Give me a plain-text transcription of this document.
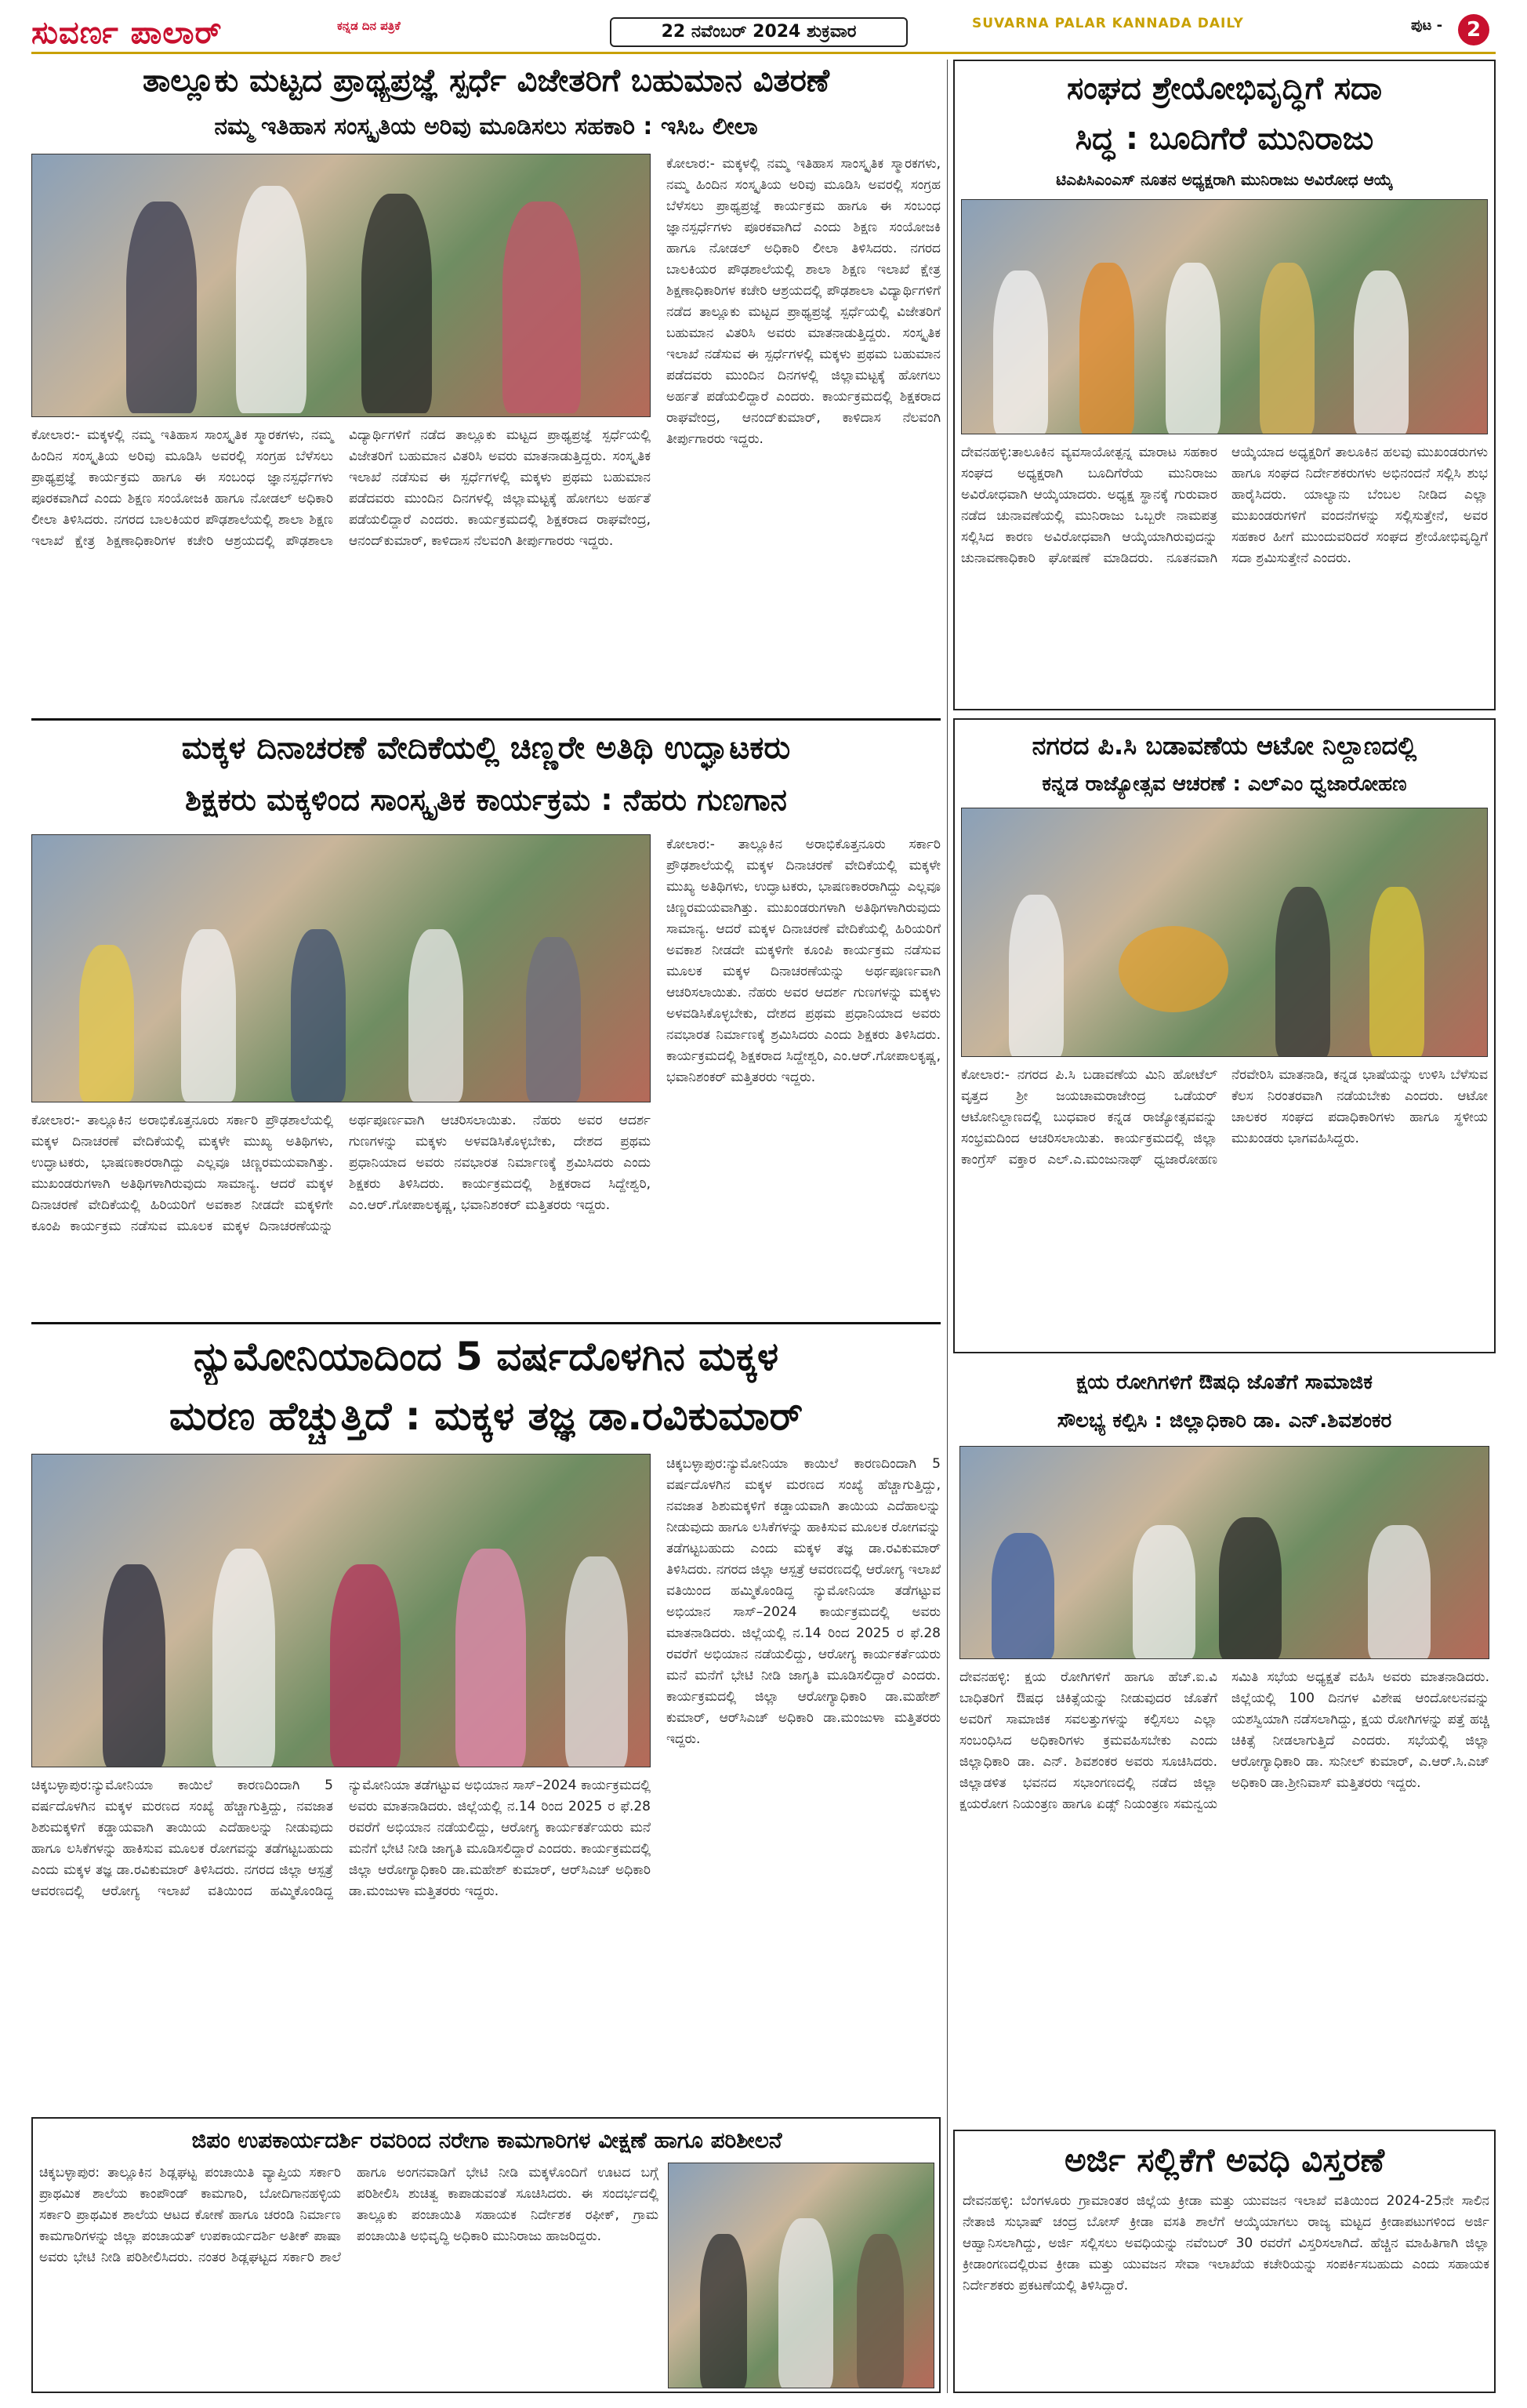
ಸುವರ್ಣ ಪಾಲಾರ್	ಕನ್ನಡ ದಿನ ಪತ್ರಿಕೆ	22 ನವೆಂಬರ್ 2024 ಶುಕ್ರವಾರ	SUVARNA PALAR KANNADA DAILY	ಪುಟ -	2
ತಾಲ್ಲೂಕು ಮಟ್ಟದ ಪ್ರಾಥ್ಯಪ್ರಜ್ಞೆ ಸ್ಪರ್ಧೆ ವಿಜೇತರಿಗೆ ಬಹುಮಾನ ವಿತರಣೆ
ನಮ್ಮ ಇತಿಹಾಸ ಸಂಸ್ಕೃತಿಯ ಅರಿವು ಮೂಡಿಸಲು ಸಹಕಾರಿ : ಇಸಿಒ ಲೀಲಾ
ಕೋಲಾರ:- ಮಕ್ಕಳಲ್ಲಿ ನಮ್ಮ ಇತಿಹಾಸ ಸಾಂಸ್ಕೃತಿಕ ಸ್ಮಾರಕಗಳು, ನಮ್ಮ ಹಿಂದಿನ ಸಂಸ್ಕೃತಿಯ ಅರಿವು ಮೂಡಿಸಿ ಅವರಲ್ಲಿ ಸಂಗ್ರಹ ಬೆಳೆಸಲು ಪ್ರಾಥ್ಯಪ್ರಜ್ಞೆ ಕಾರ್ಯಕ್ರಮ ಹಾಗೂ ಈ ಸಂಬಂಧ ಜ್ಞಾನಸ್ಪರ್ಧೆಗಳು ಪೂರಕವಾಗಿದೆ ಎಂದು ಶಿಕ್ಷಣ ಸಂಯೋಜಕಿ ಹಾಗೂ ನೋಡಲ್ ಅಧಿಕಾರಿ ಲೀಲಾ ತಿಳಿಸಿದರು. ನಗರದ ಬಾಲಕಿಯರ ಪೌಢಶಾಲೆಯಲ್ಲಿ ಶಾಲಾ ಶಿಕ್ಷಣ ಇಲಾಖೆ ಕ್ಷೇತ್ರ ಶಿಕ್ಷಣಾಧಿಕಾರಿಗಳ ಕಚೇರಿ ಆಶ್ರಯದಲ್ಲಿ ಪೌಢಶಾಲಾ ವಿದ್ಯಾರ್ಥಿಗಳಿಗೆ ನಡೆದ ತಾಲ್ಲೂಕು ಮಟ್ಟದ ಪ್ರಾಥ್ಯಪ್ರಜ್ಞೆ ಸ್ಪರ್ಧೆಯಲ್ಲಿ ವಿಜೇತರಿಗೆ ಬಹುಮಾನ ವಿತರಿಸಿ ಅವರು ಮಾತನಾಡುತ್ತಿದ್ದರು. ಸಂಸ್ಕೃತಿಕ ಇಲಾಖೆ ನಡೆಸುವ ಈ ಸ್ಪರ್ಧೆಗಳಲ್ಲಿ ಮಕ್ಕಳು ಪ್ರಥಮ ಬಹುಮಾನ ಪಡೆದವರು ಮುಂದಿನ ದಿನಗಳಲ್ಲಿ ಜಿಲ್ಲಾಮಟ್ಟಕ್ಕೆ ಹೋಗಲು ಅರ್ಹತೆ ಪಡೆಯಲಿದ್ದಾರೆ ಎಂದರು. ಕಾರ್ಯಕ್ರಮದಲ್ಲಿ ಶಿಕ್ಷಕರಾದ ರಾಘವೇಂದ್ರ, ಆನಂದ್‌ಕುಮಾರ್, ಕಾಳಿದಾಸ ನೆಲವಂಗಿ ತೀರ್ಪುಗಾರರು ಇದ್ದರು.
ಕೋಲಾರ:- ಮಕ್ಕಳಲ್ಲಿ ನಮ್ಮ ಇತಿಹಾಸ ಸಾಂಸ್ಕೃತಿಕ ಸ್ಮಾರಕಗಳು, ನಮ್ಮ ಹಿಂದಿನ ಸಂಸ್ಕೃತಿಯ ಅರಿವು ಮೂಡಿಸಿ ಅವರಲ್ಲಿ ಸಂಗ್ರಹ ಬೆಳೆಸಲು ಪ್ರಾಥ್ಯಪ್ರಜ್ಞೆ ಕಾರ್ಯಕ್ರಮ ಹಾಗೂ ಈ ಸಂಬಂಧ ಜ್ಞಾನಸ್ಪರ್ಧೆಗಳು ಪೂರಕವಾಗಿದೆ ಎಂದು ಶಿಕ್ಷಣ ಸಂಯೋಜಕಿ ಹಾಗೂ ನೋಡಲ್ ಅಧಿಕಾರಿ ಲೀಲಾ ತಿಳಿಸಿದರು. ನಗರದ ಬಾಲಕಿಯರ ಪೌಢಶಾಲೆಯಲ್ಲಿ ಶಾಲಾ ಶಿಕ್ಷಣ ಇಲಾಖೆ ಕ್ಷೇತ್ರ ಶಿಕ್ಷಣಾಧಿಕಾರಿಗಳ ಕಚೇರಿ ಆಶ್ರಯದಲ್ಲಿ ಪೌಢಶಾಲಾ ವಿದ್ಯಾರ್ಥಿಗಳಿಗೆ ನಡೆದ ತಾಲ್ಲೂಕು ಮಟ್ಟದ ಪ್ರಾಥ್ಯಪ್ರಜ್ಞೆ ಸ್ಪರ್ಧೆಯಲ್ಲಿ ವಿಜೇತರಿಗೆ ಬಹುಮಾನ ವಿತರಿಸಿ ಅವರು ಮಾತನಾಡುತ್ತಿದ್ದರು. ಸಂಸ್ಕೃತಿಕ ಇಲಾಖೆ ನಡೆಸುವ ಈ ಸ್ಪರ್ಧೆಗಳಲ್ಲಿ ಮಕ್ಕಳು ಪ್ರಥಮ ಬಹುಮಾನ ಪಡೆದವರು ಮುಂದಿನ ದಿನಗಳಲ್ಲಿ ಜಿಲ್ಲಾಮಟ್ಟಕ್ಕೆ ಹೋಗಲು ಅರ್ಹತೆ ಪಡೆಯಲಿದ್ದಾರೆ ಎಂದರು. ಕಾರ್ಯಕ್ರಮದಲ್ಲಿ ಶಿಕ್ಷಕರಾದ ರಾಘವೇಂದ್ರ, ಆನಂದ್‌ಕುಮಾರ್, ಕಾಳಿದಾಸ ನೆಲವಂಗಿ ತೀರ್ಪುಗಾರರು ಇದ್ದರು.
ಸಂಘದ ಶ್ರೇಯೋಭಿವೃದ್ಧಿಗೆ ಸದಾ
ಸಿದ್ಧ : ಬೂದಿಗೆರೆ ಮುನಿರಾಜು
ಟಿಎಪಿಸಿಎಂಎಸ್ ನೂತನ ಅಧ್ಯಕ್ಷರಾಗಿ ಮುನಿರಾಜು ಅವಿರೋಧ ಆಯ್ಕೆ
ದೇವನಹಳ್ಳಿ:ತಾಲೂಕಿನ ವ್ಯವಸಾಯೋತ್ಪನ್ನ ಮಾರಾಟ ಸಹಕಾರ ಸಂಘದ ಅಧ್ಯಕ್ಷರಾಗಿ ಬೂದಿಗೆರೆಯ ಮುನಿರಾಜು ಅವಿರೋಧವಾಗಿ ಆಯ್ಕೆಯಾದರು. ಅಧ್ಯಕ್ಷ ಸ್ಥಾನಕ್ಕೆ ಗುರುವಾರ ನಡೆದ ಚುನಾವಣೆಯಲ್ಲಿ ಮುನಿರಾಜು ಒಬ್ಬರೇ ನಾಮಪತ್ರ ಸಲ್ಲಿಸಿದ ಕಾರಣ ಅವಿರೋಧವಾಗಿ ಆಯ್ಕೆಯಾಗಿರುವುದನ್ನು ಚುನಾವಣಾಧಿಕಾರಿ ಘೋಷಣೆ ಮಾಡಿದರು. ನೂತನವಾಗಿ ಆಯ್ಕೆಯಾದ ಅಧ್ಯಕ್ಷರಿಗೆ ತಾಲೂಕಿನ ಹಲವು ಮುಖಂಡರುಗಳು ಹಾಗೂ ಸಂಘದ ನಿರ್ದೇಶಕರುಗಳು ಅಭಿನಂದನೆ ಸಲ್ಲಿಸಿ ಶುಭ ಹಾರೈಸಿದರು. ಯಾಲ್ಯಾನು ಬೆಂಬಲ ನೀಡಿದ ಎಲ್ಲಾ ಮುಖಂಡರುಗಳಿಗೆ ವಂದನೆಗಳನ್ನು ಸಲ್ಲಿಸುತ್ತೇನೆ, ಅವರ ಸಹಕಾರ ಹೀಗೆ ಮುಂದುವರಿದರೆ ಸಂಘದ ಶ್ರೇಯೋಭಿವೃದ್ಧಿಗೆ ಸದಾ ಶ್ರಮಿಸುತ್ತೇನೆ ಎಂದರು.
ಮಕ್ಕಳ ದಿನಾಚರಣೆ ವೇದಿಕೆಯಲ್ಲಿ ಚಿಣ್ಣರೇ ಅತಿಥಿ ಉದ್ಘಾಟಕರು
ಶಿಕ್ಷಕರು ಮಕ್ಕಳಿಂದ ಸಾಂಸ್ಕೃತಿಕ ಕಾರ್ಯಕ್ರಮ : ನೆಹರು ಗುಣಗಾನ
ಕೋಲಾರ:- ತಾಲ್ಲೂಕಿನ ಅರಾಭಿಕೊತ್ತನೂರು ಸರ್ಕಾರಿ ಪ್ರೌಢಶಾಲೆಯಲ್ಲಿ ಮಕ್ಕಳ ದಿನಾಚರಣೆ ವೇದಿಕೆಯಲ್ಲಿ ಮಕ್ಕಳೇ ಮುಖ್ಯ ಅತಿಥಿಗಳು, ಉದ್ಘಾಟಕರು, ಭಾಷಣಕಾರರಾಗಿದ್ದು ಎಲ್ಲವೂ ಚಿಣ್ಣರಮಯವಾಗಿತ್ತು. ಮುಖಂಡರುಗಳಾಗಿ ಅತಿಥಿಗಳಾಗಿರುವುದು ಸಾಮಾನ್ಯ. ಆದರೆ ಮಕ್ಕಳ ದಿನಾಚರಣೆ ವೇದಿಕೆಯಲ್ಲಿ ಹಿರಿಯರಿಗೆ ಅವಕಾಶ ನೀಡದೇ ಮಕ್ಕಳಿಗೇ ಕೂಂಪಿ ಕಾರ್ಯಕ್ರಮ ನಡೆಸುವ ಮೂಲಕ ಮಕ್ಕಳ ದಿನಾಚರಣೆಯನ್ನು ಅರ್ಥಪೂರ್ಣವಾಗಿ ಆಚರಿಸಲಾಯಿತು. ನೆಹರು ಅವರ ಆದರ್ಶ ಗುಣಗಳನ್ನು ಮಕ್ಕಳು ಅಳವಡಿಸಿಕೊಳ್ಳಬೇಕು, ದೇಶದ ಪ್ರಥಮ ಪ್ರಧಾನಿಯಾದ ಅವರು ನವಭಾರತ ನಿರ್ಮಾಣಕ್ಕೆ ಶ್ರಮಿಸಿದರು ಎಂದು ಶಿಕ್ಷಕರು ತಿಳಿಸಿದರು. ಕಾರ್ಯಕ್ರಮದಲ್ಲಿ ಶಿಕ್ಷಕರಾದ ಸಿದ್ದೇಶ್ವರಿ, ಎಂ.ಆರ್.ಗೋಪಾಲಕೃಷ್ಣ, ಭವಾನಿಶಂಕರ್ ಮತ್ತಿತರರು ಇದ್ದರು.
ಕೋಲಾರ:- ತಾಲ್ಲೂಕಿನ ಅರಾಭಿಕೊತ್ತನೂರು ಸರ್ಕಾರಿ ಪ್ರೌಢಶಾಲೆಯಲ್ಲಿ ಮಕ್ಕಳ ದಿನಾಚರಣೆ ವೇದಿಕೆಯಲ್ಲಿ ಮಕ್ಕಳೇ ಮುಖ್ಯ ಅತಿಥಿಗಳು, ಉದ್ಘಾಟಕರು, ಭಾಷಣಕಾರರಾಗಿದ್ದು ಎಲ್ಲವೂ ಚಿಣ್ಣರಮಯವಾಗಿತ್ತು. ಮುಖಂಡರುಗಳಾಗಿ ಅತಿಥಿಗಳಾಗಿರುವುದು ಸಾಮಾನ್ಯ. ಆದರೆ ಮಕ್ಕಳ ದಿನಾಚರಣೆ ವೇದಿಕೆಯಲ್ಲಿ ಹಿರಿಯರಿಗೆ ಅವಕಾಶ ನೀಡದೇ ಮಕ್ಕಳಿಗೇ ಕೂಂಪಿ ಕಾರ್ಯಕ್ರಮ ನಡೆಸುವ ಮೂಲಕ ಮಕ್ಕಳ ದಿನಾಚರಣೆಯನ್ನು ಅರ್ಥಪೂರ್ಣವಾಗಿ ಆಚರಿಸಲಾಯಿತು. ನೆಹರು ಅವರ ಆದರ್ಶ ಗುಣಗಳನ್ನು ಮಕ್ಕಳು ಅಳವಡಿಸಿಕೊಳ್ಳಬೇಕು, ದೇಶದ ಪ್ರಥಮ ಪ್ರಧಾನಿಯಾದ ಅವರು ನವಭಾರತ ನಿರ್ಮಾಣಕ್ಕೆ ಶ್ರಮಿಸಿದರು ಎಂದು ಶಿಕ್ಷಕರು ತಿಳಿಸಿದರು. ಕಾರ್ಯಕ್ರಮದಲ್ಲಿ ಶಿಕ್ಷಕರಾದ ಸಿದ್ದೇಶ್ವರಿ, ಎಂ.ಆರ್.ಗೋಪಾಲಕೃಷ್ಣ, ಭವಾನಿಶಂಕರ್ ಮತ್ತಿತರರು ಇದ್ದರು.
ನಗರದ ಪಿ.ಸಿ ಬಡಾವಣೆಯ ಆಟೋ ನಿಲ್ದಾಣದಲ್ಲಿ
ಕನ್ನಡ ರಾಜ್ಯೋತ್ಸವ ಆಚರಣೆ : ಎಲ್‌ಎಂ ಧ್ವಜಾರೋಹಣ
ಕೋಲಾರ:- ನಗರದ ಪಿ.ಸಿ ಬಡಾವಣೆಯ ಮಿನಿ ಹೋಟೆಲ್ ವೃತ್ತದ ಶ್ರೀ ಜಯಚಾಮರಾಜೇಂದ್ರ ಒಡೆಯರ್ ಆಟೋನಿಲ್ದಾಣದಲ್ಲಿ ಬುಧವಾರ ಕನ್ನಡ ರಾಜ್ಯೋತ್ಸವವನ್ನು ಸಂಭ್ರಮದಿಂದ ಆಚರಿಸಲಾಯಿತು. ಕಾರ್ಯಕ್ರಮದಲ್ಲಿ ಜಿಲ್ಲಾ ಕಾಂಗ್ರೆಸ್ ವಕ್ತಾರ ಎಲ್.ಎ.ಮಂಜುನಾಥ್ ಧ್ವಜಾರೋಹಣ ನೆರವೇರಿಸಿ ಮಾತನಾಡಿ, ಕನ್ನಡ ಭಾಷೆಯನ್ನು ಉಳಿಸಿ ಬೆಳೆಸುವ ಕೆಲಸ ನಿರಂತರವಾಗಿ ನಡೆಯಬೇಕು ಎಂದರು. ಆಟೋ ಚಾಲಕರ ಸಂಘದ ಪದಾಧಿಕಾರಿಗಳು ಹಾಗೂ ಸ್ಥಳೀಯ ಮುಖಂಡರು ಭಾಗವಹಿಸಿದ್ದರು.
ನ್ಯುಮೋನಿಯಾದಿಂದ 5 ವರ್ಷದೊಳಗಿನ ಮಕ್ಕಳ
ಮರಣ ಹೆಚ್ಚುತ್ತಿದೆ : ಮಕ್ಕಳ ತಜ್ಞ ಡಾ.ರವಿಕುಮಾರ್
ಚಿಕ್ಕಬಳ್ಳಾಪುರ:ನ್ಯುಮೋನಿಯಾ ಕಾಯಿಲೆ ಕಾರಣದಿಂದಾಗಿ 5 ವರ್ಷದೊಳಗಿನ ಮಕ್ಕಳ ಮರಣದ ಸಂಖ್ಯೆ ಹೆಚ್ಚಾಗುತ್ತಿದ್ದು, ನವಜಾತ ಶಿಶುಮಕ್ಕಳಿಗೆ ಕಡ್ಡಾಯವಾಗಿ ತಾಯಿಯ ಎದೆಹಾಲನ್ನು ನೀಡುವುದು ಹಾಗೂ ಲಸಿಕೆಗಳನ್ನು ಹಾಕಿಸುವ ಮೂಲಕ ರೋಗವನ್ನು ತಡೆಗಟ್ಟಬಹುದು ಎಂದು ಮಕ್ಕಳ ತಜ್ಞ ಡಾ.ರವಿಕುಮಾರ್ ತಿಳಿಸಿದರು. ನಗರದ ಜಿಲ್ಲಾ ಆಸ್ಪತ್ರೆ ಆವರಣದಲ್ಲಿ ಆರೋಗ್ಯ ಇಲಾಖೆ ವತಿಯಿಂದ ಹಮ್ಮಿಕೊಂಡಿದ್ದ ನ್ಯುಮೋನಿಯಾ ತಡೆಗಟ್ಟುವ ಅಭಿಯಾನ ಸಾಸ್–2024 ಕಾರ್ಯಕ್ರಮದಲ್ಲಿ ಅವರು ಮಾತನಾಡಿದರು. ಜಿಲ್ಲೆಯಲ್ಲಿ ನ.14 ರಿಂದ 2025 ರ ಫೆ.28 ರವರೆಗೆ ಅಭಿಯಾನ ನಡೆಯಲಿದ್ದು, ಆರೋಗ್ಯ ಕಾರ್ಯಕರ್ತೆಯರು ಮನೆ ಮನೆಗೆ ಭೇಟಿ ನೀಡಿ ಜಾಗೃತಿ ಮೂಡಿಸಲಿದ್ದಾರೆ ಎಂದರು. ಕಾರ್ಯಕ್ರಮದಲ್ಲಿ ಜಿಲ್ಲಾ ಆರೋಗ್ಯಾಧಿಕಾರಿ ಡಾ.ಮಹೇಶ್ ಕುಮಾರ್, ಆರ್‌ಸಿಎಚ್ ಅಧಿಕಾರಿ ಡಾ.ಮಂಜುಳಾ ಮತ್ತಿತರರು ಇದ್ದರು.
ಚಿಕ್ಕಬಳ್ಳಾಪುರ:ನ್ಯುಮೋನಿಯಾ ಕಾಯಿಲೆ ಕಾರಣದಿಂದಾಗಿ 5 ವರ್ಷದೊಳಗಿನ ಮಕ್ಕಳ ಮರಣದ ಸಂಖ್ಯೆ ಹೆಚ್ಚಾಗುತ್ತಿದ್ದು, ನವಜಾತ ಶಿಶುಮಕ್ಕಳಿಗೆ ಕಡ್ಡಾಯವಾಗಿ ತಾಯಿಯ ಎದೆಹಾಲನ್ನು ನೀಡುವುದು ಹಾಗೂ ಲಸಿಕೆಗಳನ್ನು ಹಾಕಿಸುವ ಮೂಲಕ ರೋಗವನ್ನು ತಡೆಗಟ್ಟಬಹುದು ಎಂದು ಮಕ್ಕಳ ತಜ್ಞ ಡಾ.ರವಿಕುಮಾರ್ ತಿಳಿಸಿದರು. ನಗರದ ಜಿಲ್ಲಾ ಆಸ್ಪತ್ರೆ ಆವರಣದಲ್ಲಿ ಆರೋಗ್ಯ ಇಲಾಖೆ ವತಿಯಿಂದ ಹಮ್ಮಿಕೊಂಡಿದ್ದ ನ್ಯುಮೋನಿಯಾ ತಡೆಗಟ್ಟುವ ಅಭಿಯಾನ ಸಾಸ್–2024 ಕಾರ್ಯಕ್ರಮದಲ್ಲಿ ಅವರು ಮಾತನಾಡಿದರು. ಜಿಲ್ಲೆಯಲ್ಲಿ ನ.14 ರಿಂದ 2025 ರ ಫೆ.28 ರವರೆಗೆ ಅಭಿಯಾನ ನಡೆಯಲಿದ್ದು, ಆರೋಗ್ಯ ಕಾರ್ಯಕರ್ತೆಯರು ಮನೆ ಮನೆಗೆ ಭೇಟಿ ನೀಡಿ ಜಾಗೃತಿ ಮೂಡಿಸಲಿದ್ದಾರೆ ಎಂದರು. ಕಾರ್ಯಕ್ರಮದಲ್ಲಿ ಜಿಲ್ಲಾ ಆರೋಗ್ಯಾಧಿಕಾರಿ ಡಾ.ಮಹೇಶ್ ಕುಮಾರ್, ಆರ್‌ಸಿಎಚ್ ಅಧಿಕಾರಿ ಡಾ.ಮಂಜುಳಾ ಮತ್ತಿತರರು ಇದ್ದರು.
ಕ್ಷಯ ರೋಗಿಗಳಿಗೆ ಔಷಧಿ ಜೊತೆಗೆ ಸಾಮಾಜಿಕ
ಸೌಲಭ್ಯ ಕಲ್ಪಿಸಿ : ಜಿಲ್ಲಾಧಿಕಾರಿ ಡಾ. ಎನ್.ಶಿವಶಂಕರ
ದೇವನಹಳ್ಳಿ: ಕ್ಷಯ ರೋಗಿಗಳಿಗೆ ಹಾಗೂ ಹೆಚ್.ಐ.ವಿ ಬಾಧಿತರಿಗೆ ಔಷಧ ಚಿಕಿತ್ಸೆಯನ್ನು ನೀಡುವುದರ ಜೊತೆಗೆ ಅವರಿಗೆ ಸಾಮಾಜಿಕ ಸವಲತ್ತುಗಳನ್ನು ಕಲ್ಪಿಸಲು ಎಲ್ಲಾ ಸಂಬಂಧಿಸಿದ ಅಧಿಕಾರಿಗಳು ಕ್ರಮವಹಿಸಬೇಕು ಎಂದು ಜಿಲ್ಲಾಧಿಕಾರಿ ಡಾ. ಎನ್. ಶಿವಶಂಕರ ಅವರು ಸೂಚಿಸಿದರು. ಜಿಲ್ಲಾಡಳಿತ ಭವನದ ಸಭಾಂಗಣದಲ್ಲಿ ನಡೆದ ಜಿಲ್ಲಾ ಕ್ಷಯರೋಗ ನಿಯಂತ್ರಣ ಹಾಗೂ ಏಡ್ಸ್ ನಿಯಂತ್ರಣ ಸಮನ್ವಯ ಸಮಿತಿ ಸಭೆಯ ಅಧ್ಯಕ್ಷತೆ ವಹಿಸಿ ಅವರು ಮಾತನಾಡಿದರು. ಜಿಲ್ಲೆಯಲ್ಲಿ 100 ದಿನಗಳ ವಿಶೇಷ ಆಂದೋಲನವನ್ನು ಯಶಸ್ವಿಯಾಗಿ ನಡೆಸಲಾಗಿದ್ದು, ಕ್ಷಯ ರೋಗಿಗಳನ್ನು ಪತ್ತೆ ಹಚ್ಚಿ ಚಿಕಿತ್ಸೆ ನೀಡಲಾಗುತ್ತಿದೆ ಎಂದರು. ಸಭೆಯಲ್ಲಿ ಜಿಲ್ಲಾ ಆರೋಗ್ಯಾಧಿಕಾರಿ ಡಾ. ಸುನೀಲ್ ಕುಮಾರ್, ಎ.ಆರ್.ಸಿ.ಎಚ್ ಅಧಿಕಾರಿ ಡಾ.ಶ್ರೀನಿವಾಸ್ ಮತ್ತಿತರರು ಇದ್ದರು.
ಜಿಪಂ ಉಪಕಾರ್ಯದರ್ಶಿ ರವರಿಂದ ನರೇಗಾ ಕಾಮಗಾರಿಗಳ ವೀಕ್ಷಣೆ ಹಾಗೂ ಪರಿಶೀಲನೆ
ಚಿಕ್ಕಬಳ್ಳಾಪುರ: ತಾಲ್ಲೂಕಿನ ಶಿಡ್ಲಘಟ್ಟ ಪಂಚಾಯಿತಿ ವ್ಯಾಪ್ತಿಯ ಸರ್ಕಾರಿ ಪ್ರಾಥಮಿಕ ಶಾಲೆಯ ಕಾಂಪೌಂಡ್ ಕಾಮಗಾರಿ, ಬೋದಿಗಾನಹಳ್ಳಿಯ ಸರ್ಕಾರಿ ಪ್ರಾಥಮಿಕ ಶಾಲೆಯ ಆಟದ ಕೋಣೆ ಹಾಗೂ ಚರಂಡಿ ನಿರ್ಮಾಣ ಕಾಮಗಾರಿಗಳನ್ನು ಜಿಲ್ಲಾ ಪಂಚಾಯತ್ ಉಪಕಾರ್ಯದರ್ಶಿ ಅತೀಕ್ ಪಾಷಾ ಅವರು ಭೇಟಿ ನೀಡಿ ಪರಿಶೀಲಿಸಿದರು. ನಂತರ ಶಿಡ್ಲಘಟ್ಟದ ಸರ್ಕಾರಿ ಶಾಲೆ ಹಾಗೂ ಅಂಗನವಾಡಿಗೆ ಭೇಟಿ ನೀಡಿ ಮಕ್ಕಳೊಂದಿಗೆ ಊಟದ ಬಗ್ಗೆ ಪರಿಶೀಲಿಸಿ ಶುಚಿತ್ವ ಕಾಪಾಡುವಂತೆ ಸೂಚಿಸಿದರು. ಈ ಸಂದರ್ಭದಲ್ಲಿ ತಾಲ್ಲೂಕು ಪಂಚಾಯಿತಿ ಸಹಾಯಕ ನಿರ್ದೇಶಕ ರಫೀಕ್, ಗ್ರಾಮ ಪಂಚಾಯಿತಿ ಅಭಿವೃದ್ಧಿ ಅಧಿಕಾರಿ ಮುನಿರಾಜು ಹಾಜರಿದ್ದರು.
ಅರ್ಜಿ ಸಲ್ಲಿಕೆಗೆ ಅವಧಿ ವಿಸ್ತರಣೆ
ದೇವನಹಳ್ಳಿ: ಬೆಂಗಳೂರು ಗ್ರಾಮಾಂತರ ಜಿಲ್ಲೆಯ ಕ್ರೀಡಾ ಮತ್ತು ಯುವಜನ ಇಲಾಖೆ ವತಿಯಿಂದ 2024-25ನೇ ಸಾಲಿನ ನೇತಾಜಿ ಸುಭಾಷ್ ಚಂದ್ರ ಬೋಸ್ ಕ್ರೀಡಾ ವಸತಿ ಶಾಲೆಗೆ ಆಯ್ಕೆಯಾಗಲು ರಾಜ್ಯ ಮಟ್ಟದ ಕ್ರೀಡಾಪಟುಗಳಿಂದ ಅರ್ಜಿ ಆಹ್ವಾನಿಸಲಾಗಿದ್ದು, ಅರ್ಜಿ ಸಲ್ಲಿಸಲು ಅವಧಿಯನ್ನು ನವೆಂಬರ್ 30 ರವರೆಗೆ ವಿಸ್ತರಿಸಲಾಗಿದೆ. ಹೆಚ್ಚಿನ ಮಾಹಿತಿಗಾಗಿ ಜಿಲ್ಲಾ ಕ್ರೀಡಾಂಗಣದಲ್ಲಿರುವ ಕ್ರೀಡಾ ಮತ್ತು ಯುವಜನ ಸೇವಾ ಇಲಾಖೆಯ ಕಚೇರಿಯನ್ನು ಸಂಪರ್ಕಿಸಬಹುದು ಎಂದು ಸಹಾಯಕ ನಿರ್ದೇಶಕರು ಪ್ರಕಟಣೆಯಲ್ಲಿ ತಿಳಿಸಿದ್ದಾರೆ.
